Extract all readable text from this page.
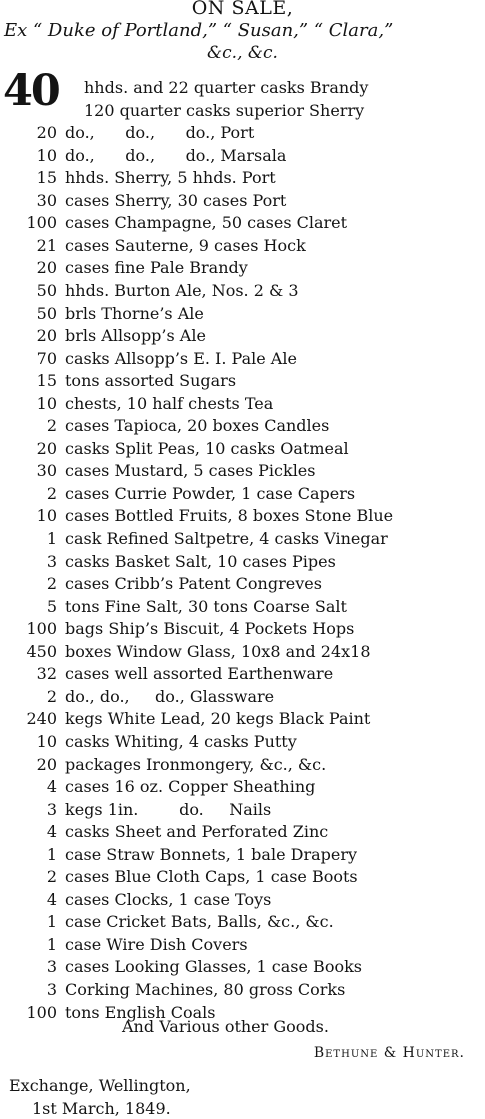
ON SALE,
Ex “ Duke of Portland,” “ Susan,” “ Clara,”
&c., &c.
40 hhds. and 22 quarter casks Brandy
120 quarter casks superior Sherry
20 do.,      do.,      do., Port
10 do.,      do.,      do., Marsala
15 hhds. Sherry, 5 hhds. Port
30 cases Sherry, 30 cases Port
100 cases Champagne, 50 cases Claret
21 cases Sauterne, 9 cases Hock
20 cases fine Pale Brandy
50 hhds. Burton Ale, Nos. 2 & 3
50 brls Thorne’s Ale
20 brls Allsopp’s Ale
70 casks Allsopp’s E. I. Pale Ale
15 tons assorted Sugars
10 chests, 10 half chests Tea
2 cases Tapioca, 20 boxes Candles
20 casks Split Peas, 10 casks Oatmeal
30 cases Mustard, 5 cases Pickles
2 cases Currie Powder, 1 case Capers
10 cases Bottled Fruits, 8 boxes Stone Blue
1 cask Refined Saltpetre, 4 casks Vinegar
3 casks Basket Salt, 10 cases Pipes
2 cases Cribb’s Patent Congreves
5 tons Fine Salt, 30 tons Coarse Salt
100 bags Ship’s Biscuit, 4 Pockets Hops
450 boxes Window Glass, 10x8 and 24x18
32 cases well assorted Earthenware
2 do., do.,     do., Glassware
240 kegs White Lead, 20 kegs Black Paint
10 casks Whiting, 4 casks Putty
20 packages Ironmongery, &c., &c.
4 cases 16 oz. Copper Sheathing
3 kegs 1in.        do.     Nails
4 casks Sheet and Perforated Zinc
1 case Straw Bonnets, 1 bale Drapery
2 cases Blue Cloth Caps, 1 case Boots
4 cases Clocks, 1 case Toys
1 case Cricket Bats, Balls, &c., &c.
1 case Wire Dish Covers
3 cases Looking Glasses, 1 case Books
3 Corking Machines, 80 gross Corks
100 tons English Coals
And Various other Goods.
Bethune & Hunter.
Exchange, Wellington,
1st March, 1849.
